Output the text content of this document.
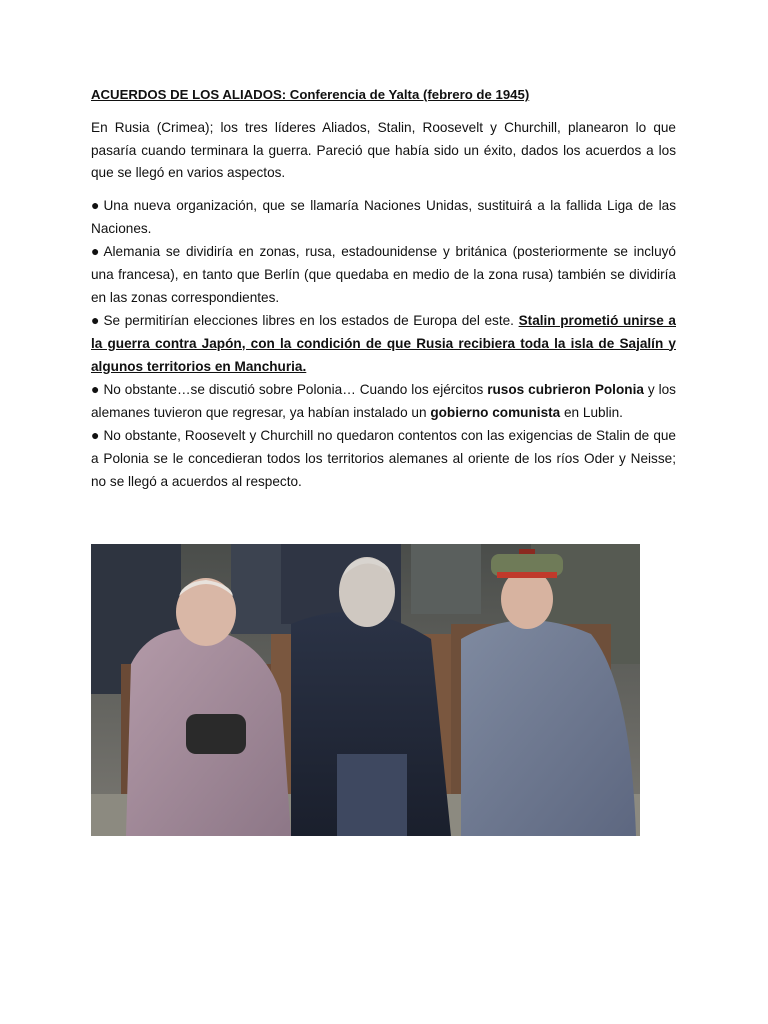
ACUERDOS DE LOS ALIADOS: Conferencia de Yalta (febrero de 1945)

En Rusia (Crimea); los tres líderes Aliados, Stalin, Roosevelt y Churchill, planearon lo que pasaría cuando terminara la guerra. Pareció que había sido un éxito, dados los acuerdos a los que se llegó en varios aspectos.

● Una nueva organización, que se llamaría Naciones Unidas, sustituirá a la fallida Liga de las Naciones.

● Alemania se dividiría en zonas, rusa, estadounidense y británica (posteriormente se incluyó una francesa), en tanto que Berlín (que quedaba en medio de la zona rusa) también se dividiría en las zonas correspondientes.

● Se permitirían elecciones libres en los estados de Europa del este. Stalin prometió unirse a la guerra contra Japón, con la condición de que Rusia recibiera toda la isla de Sajalín y algunos territorios en Manchuria.

● No obstante…se discutió sobre Polonia… Cuando los ejércitos rusos cubrieron Polonia y los alemanes tuvieron que regresar, ya habían instalado un gobierno comunista en Lublin.

● No obstante, Roosevelt y Churchill no quedaron contentos con las exigencias de Stalin de que a Polonia se le concedieran todos los territorios alemanes al oriente de los ríos Oder y Neisse; no se llegó a acuerdos al respecto.
